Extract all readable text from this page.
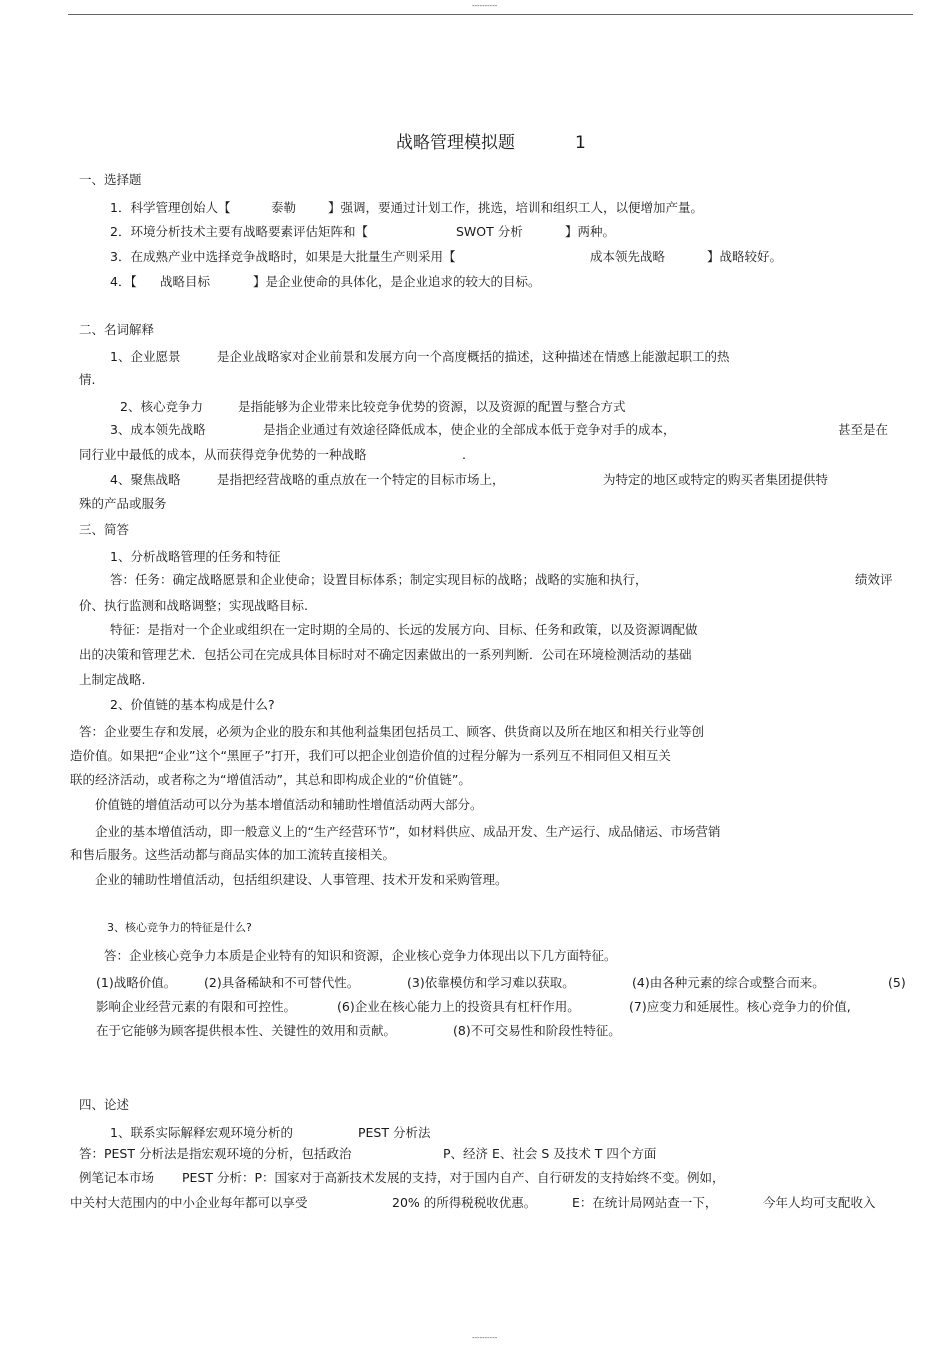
----------
战略管理模拟题	1
一、选择题
1．科学管理创始人【	泰勒	】强调，要通过计划工作，挑选，培训和组织工人，以便增加产量。
2．环境分析技术主要有战略要素评估矩阵和【	SWOT 分析	】两种。
3．在成熟产业中选择竞争战略时，如果是大批量生产则采用【	成本领先战略	】战略较好。
4．【 战略目标	】是企业使命的具体化，是企业追求的较大的目标。
二、名词解释
1、企业愿景	是企业战略家对企业前景和发展方向一个高度概括的描述，这种描述在情感上能激起职工的热
情.
2、核心竞争力	是指能够为企业带来比较竞争优势的资源，以及资源的配置与整合方式
3、成本领先战略	是指企业通过有效途径降低成本，使企业的全部成本低于竞争对手的成本，	甚至是在
同行业中最低的成本，从而获得竞争优势的一种战略	.
4、聚焦战略	是指把经营战略的重点放在一个特定的目标市场上，	为特定的地区或特定的购买者集团提供特
殊的产品或服务
三、简答
1、分析战略管理的任务和特征
答：任务：确定战略愿景和企业使命；设置目标体系；制定实现目标的战略；战略的实施和执行，	绩效评
价、执行监测和战略调整；实现战略目标.
特征：是指对一个企业或组织在一定时期的全局的、长远的发展方向、目标、任务和政策，以及资源调配做
出的决策和管理艺术．包括公司在完成具体目标时对不确定因素做出的一系列判断．公司在环境检测活动的基础
上制定战略.
2、价值链的基本构成是什么?
答：企业要生存和发展，必须为企业的股东和其他利益集团包括员工、顾客、供货商以及所在地区和相关行业等创
造价值。如果把“企业”这个“黑匣子”打开，我们可以把企业创造价值的过程分解为一系列互不相同但又相互关
联的经济活动，或者称之为“增值活动”，其总和即构成企业的“价值链”。
价值链的增值活动可以分为基本增值活动和辅助性增值活动两大部分。
企业的基本增值活动，即一般意义上的“生产经营环节”，如材料供应、成品开发、生产运行、成品储运、市场营销
和售后服务。这些活动都与商品实体的加工流转直接相关。
企业的辅助性增值活动，包括组织建设、人事管理、技术开发和采购管理。
3、核心竞争力的特征是什么?
答：企业核心竞争力本质是企业特有的知识和资源，企业核心竞争力体现出以下几方面特征。
(1)战略价值。 (2)具备稀缺和不可替代性。	(3)依靠模仿和学习难以获取。	(4)由各种元素的综合或整合而来。	(5)
影响企业经营元素的有限和可控性。	(6)企业在核心能力上的投资具有杠杆作用。	(7)应变力和延展性。核心竞争力的价值,
在于它能够为顾客提供根本性、关键性的效用和贡献。	(8)不可交易性和阶段性特征。
四、论述
1、联系实际解释宏观环境分析的	PEST 分析法
答：PEST 分析法是指宏观环境的分析，包括政治	P、经济 E、社会 S 及技术 T 四个方面
例笔记本市场 PEST 分析：P：国家对于高新技术发展的支持，对于国内自产、自行研发的支持始终不变。例如，
中关村大范围内的中小企业每年都可以享受	20% 的所得税税收优惠。	E：在统计局网站查一下，	今年人均可支配收入
----------
